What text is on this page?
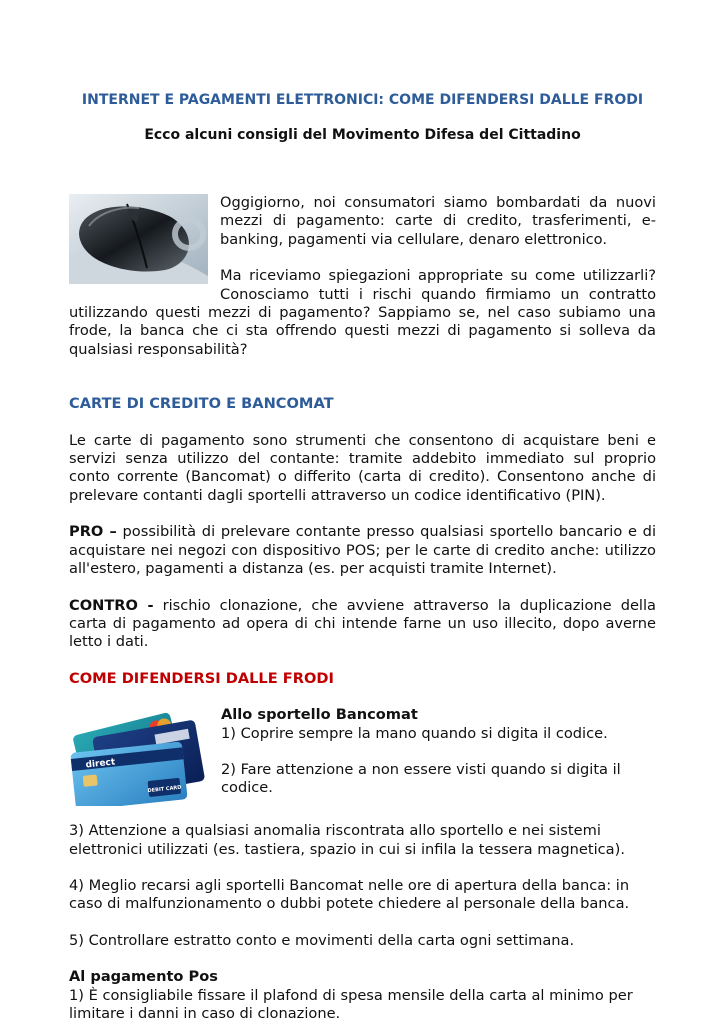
INTERNET E PAGAMENTI ELETTRONICI: COME DIFENDERSI DALLE FRODI
Ecco alcuni consigli del Movimento Difesa del Cittadino

Oggigiorno, noi consumatori siamo bombardati da nuovi mezzi di pagamento: carte di credito, trasferimenti, e-banking, pagamenti via cellulare, denaro elettronico.

Ma riceviamo spiegazioni appropriate su come utilizzarli? Conosciamo tutti i rischi quando firmiamo un contratto utilizzando questi mezzi di pagamento? Sappiamo se, nel caso subiamo una frode, la banca che ci sta offrendo questi mezzi di pagamento si solleva da qualsiasi responsabilità?

CARTE DI CREDITO E BANCOMAT

Le carte di pagamento sono strumenti che consentono di acquistare beni e servizi senza utilizzo del contante: tramite addebito immediato sul proprio conto corrente (Bancomat) o differito (carta di credito). Consentono anche di prelevare contanti dagli sportelli attraverso un codice identificativo (PIN).

PRO – possibilità di prelevare contante presso qualsiasi sportello bancario e di acquistare nei negozi con dispositivo POS; per le carte di credito anche: utilizzo all'estero, pagamenti a distanza (es. per acquisti tramite Internet).

CONTRO - rischio clonazione, che avviene attraverso la duplicazione della carta di pagamento ad opera di chi intende farne un uso illecito, dopo averne letto i dati.

COME DIFENDERSI DALLE FRODI

direct
DEBIT CARD

Allo sportello Bancomat

1) Coprire sempre la mano quando si digita il codice.

2) Fare attenzione a non essere visti quando si digita il codice.

3) Attenzione a qualsiasi anomalia riscontrata allo sportello e nei sistemi elettronici utilizzati (es. tastiera, spazio in cui si infila la tessera magnetica).

4) Meglio recarsi agli sportelli Bancomat nelle ore di apertura della banca: in caso di malfunzionamento o dubbi potete chiedere al personale della banca.

5) Controllare estratto conto e movimenti della carta ogni settimana.

Al pagamento Pos

1) È consigliabile fissare il plafond di spesa mensile della carta al minimo per limitare i danni in caso di clonazione.
